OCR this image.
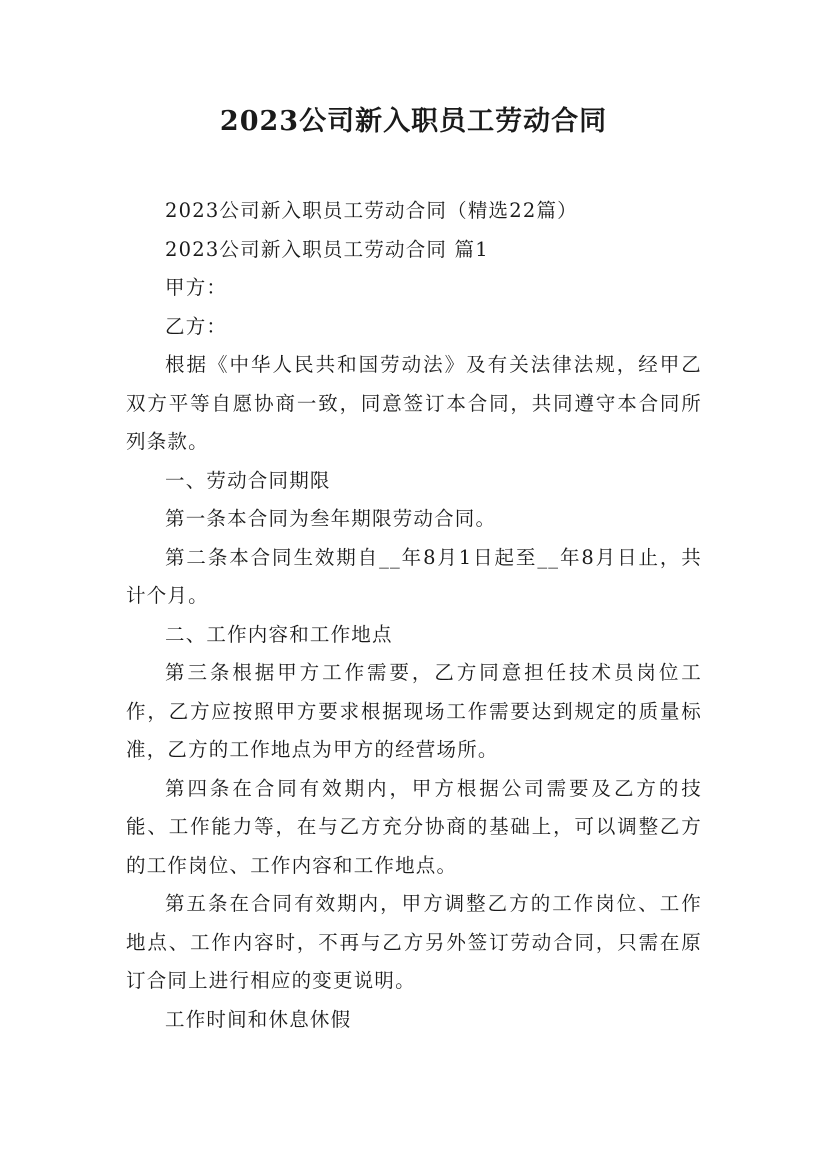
2023公司新入职员工劳动合同

2023公司新入职员工劳动合同（精选22篇）

2023公司新入职员工劳动合同 篇1

甲方：

乙方：

根据《中华人民共和国劳动法》及有关法律法规，经甲乙双方平等自愿协商一致，同意签订本合同，共同遵守本合同所列条款。

一、劳动合同期限

第一条本合同为叁年期限劳动合同。

第二条本合同生效期自__年8月1日起至__年8月日止，共计个月。

二、工作内容和工作地点

第三条根据甲方工作需要，乙方同意担任技术员岗位工作，乙方应按照甲方要求根据现场工作需要达到规定的质量标准，乙方的工作地点为甲方的经营场所。

第四条在合同有效期内，甲方根据公司需要及乙方的技能、工作能力等，在与乙方充分协商的基础上，可以调整乙方的工作岗位、工作内容和工作地点。

第五条在合同有效期内，甲方调整乙方的工作岗位、工作地点、工作内容时，不再与乙方另外签订劳动合同，只需在原订合同上进行相应的变更说明。

工作时间和休息休假
